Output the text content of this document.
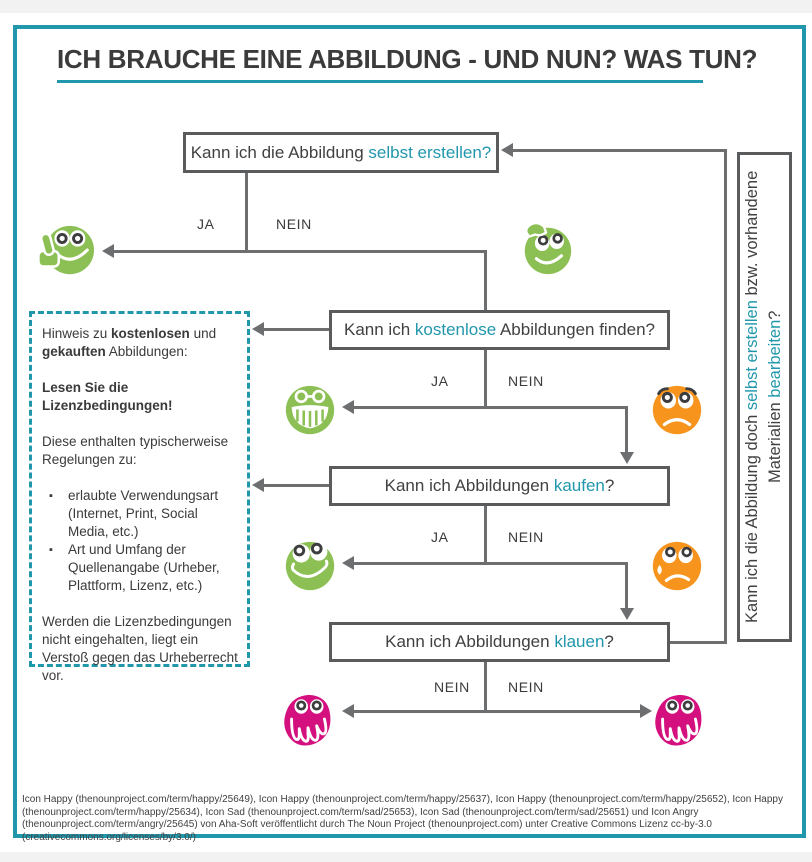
ICH BRAUCHE EINE ABBILDUNG - UND NUN? WAS TUN?
Kann ich die Abbildung selbst erstellen?
Kann ich kostenlose Abbildungen finden?
Kann ich Abbildungen kaufen?
Kann ich Abbildungen klauen?
JA	NEIN
JA	NEIN
JA	NEIN
NEIN	NEIN

Hinweis zu kostenlosen und gekauften Abbildungen:

Lesen Sie die Lizenzbedingungen!

Diese enthalten typischerweise Regelungen zu:

▪ erlaubte Verwendungsart (Internet, Print, Social Media, etc.)
▪ Art und Umfang der Quellenangabe (Urheber, Plattform, Lizenz, etc.)

Werden die Lizenzbedingungen nicht eingehalten, liegt ein Verstoß gegen das Urheberrecht vor.

Kann ich die Abbildung doch selbst erstellen bzw. vorhandene Materialien bearbeiten?
Icon Happy (thenounproject.com/term/happy/25649), Icon Happy (thenounproject.com/term/happy/25637), Icon Happy (thenounproject.com/term/happy/25652), Icon Happy (thenounproject.com/term/happy/25634), Icon Sad (thenounproject.com/term/sad/25653), Icon Sad (thenounproject.com/term/sad/25651) und Icon Angry (thenounproject.com/term/angry/25645) von Aha-Soft veröffentlicht durch The Noun Project (thenounproject.com) unter Creative Commons Lizenz cc-by-3.0 (creativecommons.org/licenses/by/3.0/)
